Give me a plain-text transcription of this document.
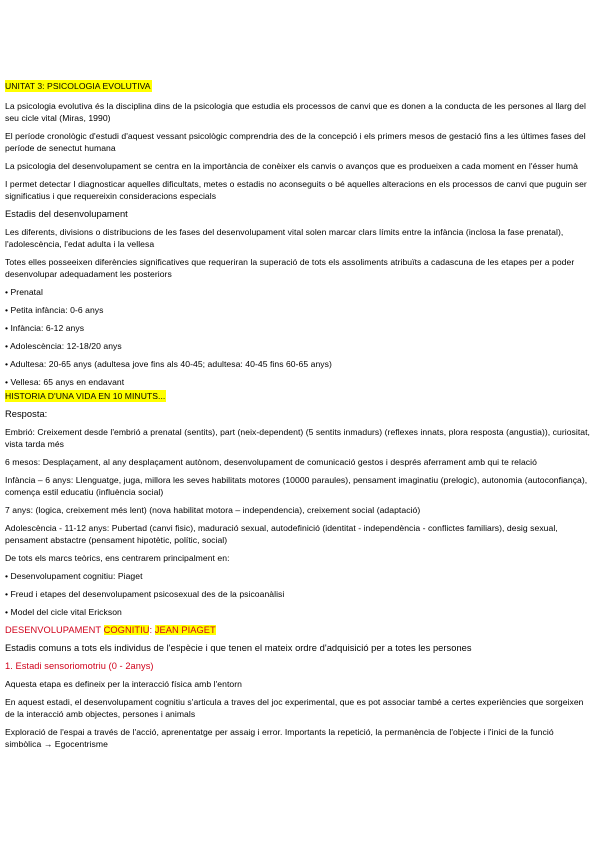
UNITAT 3: PSICOLOGIA EVOLUTIVA

La psicologia evolutiva és la disciplina dins de la psicologia que estudia els processos de canvi que es donen a la conducta de les persones al llarg del seu cicle vital (Miras, 1990)

El període cronològic d'estudi d'aquest vessant psicològic comprendria des de la concepció i els primers mesos de gestació fins a les últimes fases del període de senectut humana

La psicologia del desenvolupament se centra en la importància de conèixer els canvis o avanços que es produeixen a cada moment en l'ésser humà

I permet detectar I diagnosticar aquelles dificultats, metes o estadis no aconseguits o bé aquelles alteracions en els processos de canvi que puguin ser significatius i que requereixin consideracions especials

Estadis del desenvolupament

Les diferents, divisions o distribucions de les fases del desenvolupament vital solen marcar clars límits entre la infància (inclosa la fase prenatal), l'adolescència, l'edat adulta i la vellesa

Totes elles posseeixen diferències significatives que requeriran la superació de tots els assoliments atribuïts a cadascuna de les etapes per a poder desenvolupar adequadament les posteriors

• Prenatal

• Petita infància: 0-6 anys

• Infància: 6-12 anys

• Adolescència: 12-18/20 anys

• Adultesa: 20-65 anys (adultesa jove fins als 40-45; adultesa: 40-45 fins 60-65 anys)

• Vellesa: 65 anys en endavant

HISTORIA D'UNA VIDA EN 10 MINUTS...

Resposta:

Embrió: Creixement desde l'embrió a prenatal (sentits), part (neix-dependent) (5 sentits inmadurs) (reflexes innats, plora resposta (angustia)), curiositat, vista tarda més

6 mesos: Desplaçament, al any desplaçament autònom, desenvolupament de comunicació gestos i després aferrament amb qui te relació

Infància – 6 anys: Llenguatge, juga, millora les seves habilitats motores (10000 paraules), pensament imaginatiu (prelogic), autonomia (autoconfiança), comença estil educatiu (influència social)

7 anys: (logica, creixement més lent) (nova habilitat motora – independencia), creixement social (adaptació)

Adolescència - 11-12 anys: Pubertad (canvi fisic), maduració sexual, autodefinició (identitat - independència - conflictes familiars), desig sexual, pensament abstactre (pensament hipotètic, polític, social)

De tots els marcs teòrics, ens centrarem principalment en:

• Desenvolupament cognitiu: Piaget

• Freud i etapes del desenvolupament psicosexual des de la psicoanàlisi

• Model del cicle vital Erickson

DESENVOLUPAMENT COGNITIU: JEAN PIAGET

Estadis comuns a tots els individus de l'espècie i que tenen el mateix ordre d'adquisició per a totes les persones

1. Estadi sensoriomotriu (0 - 2anys)

Aquesta etapa es defineix per la interacció física amb l'entorn

En aquest estadi, el desenvolupament cognitiu s'articula a traves del joc experimental, que es pot associar també a certes experiències que sorgeixen de la interacció amb objectes, persones i animals

Exploració de l'espai a través de l'acció, aprenentatge per assaig i error. Importants la repetició, la permanència de l'objecte i l'inici de la funció simbòlica → Egocentrisme
